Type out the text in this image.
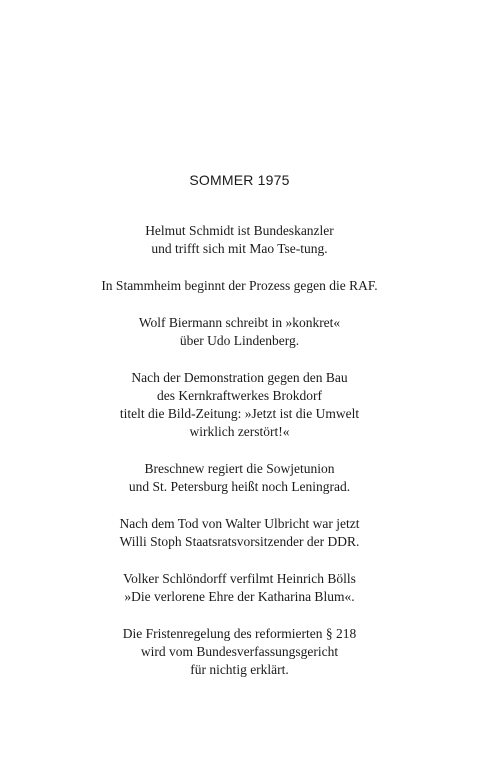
SOMMER 1975

Helmut Schmidt ist Bundeskanzler
und trifft sich mit Mao Tse-tung.

In Stammheim beginnt der Prozess gegen die RAF.

Wolf Biermann schreibt in »konkret«
über Udo Lindenberg.

Nach der Demonstration gegen den Bau
des Kernkraftwerkes Brokdorf
titelt die Bild-Zeitung: »Jetzt ist die Umwelt
wirklich zerstört!«

Breschnew regiert die Sowjetunion
und St. Petersburg heißt noch Leningrad.

Nach dem Tod von Walter Ulbricht war jetzt
Willi Stoph Staatsratsvorsitzender der DDR.

Volker Schlöndorff verfilmt Heinrich Bölls
»Die verlorene Ehre der Katharina Blum«.

Die Fristenregelung des reformierten § 218
wird vom Bundesverfassungsgericht
für nichtig erklärt.
